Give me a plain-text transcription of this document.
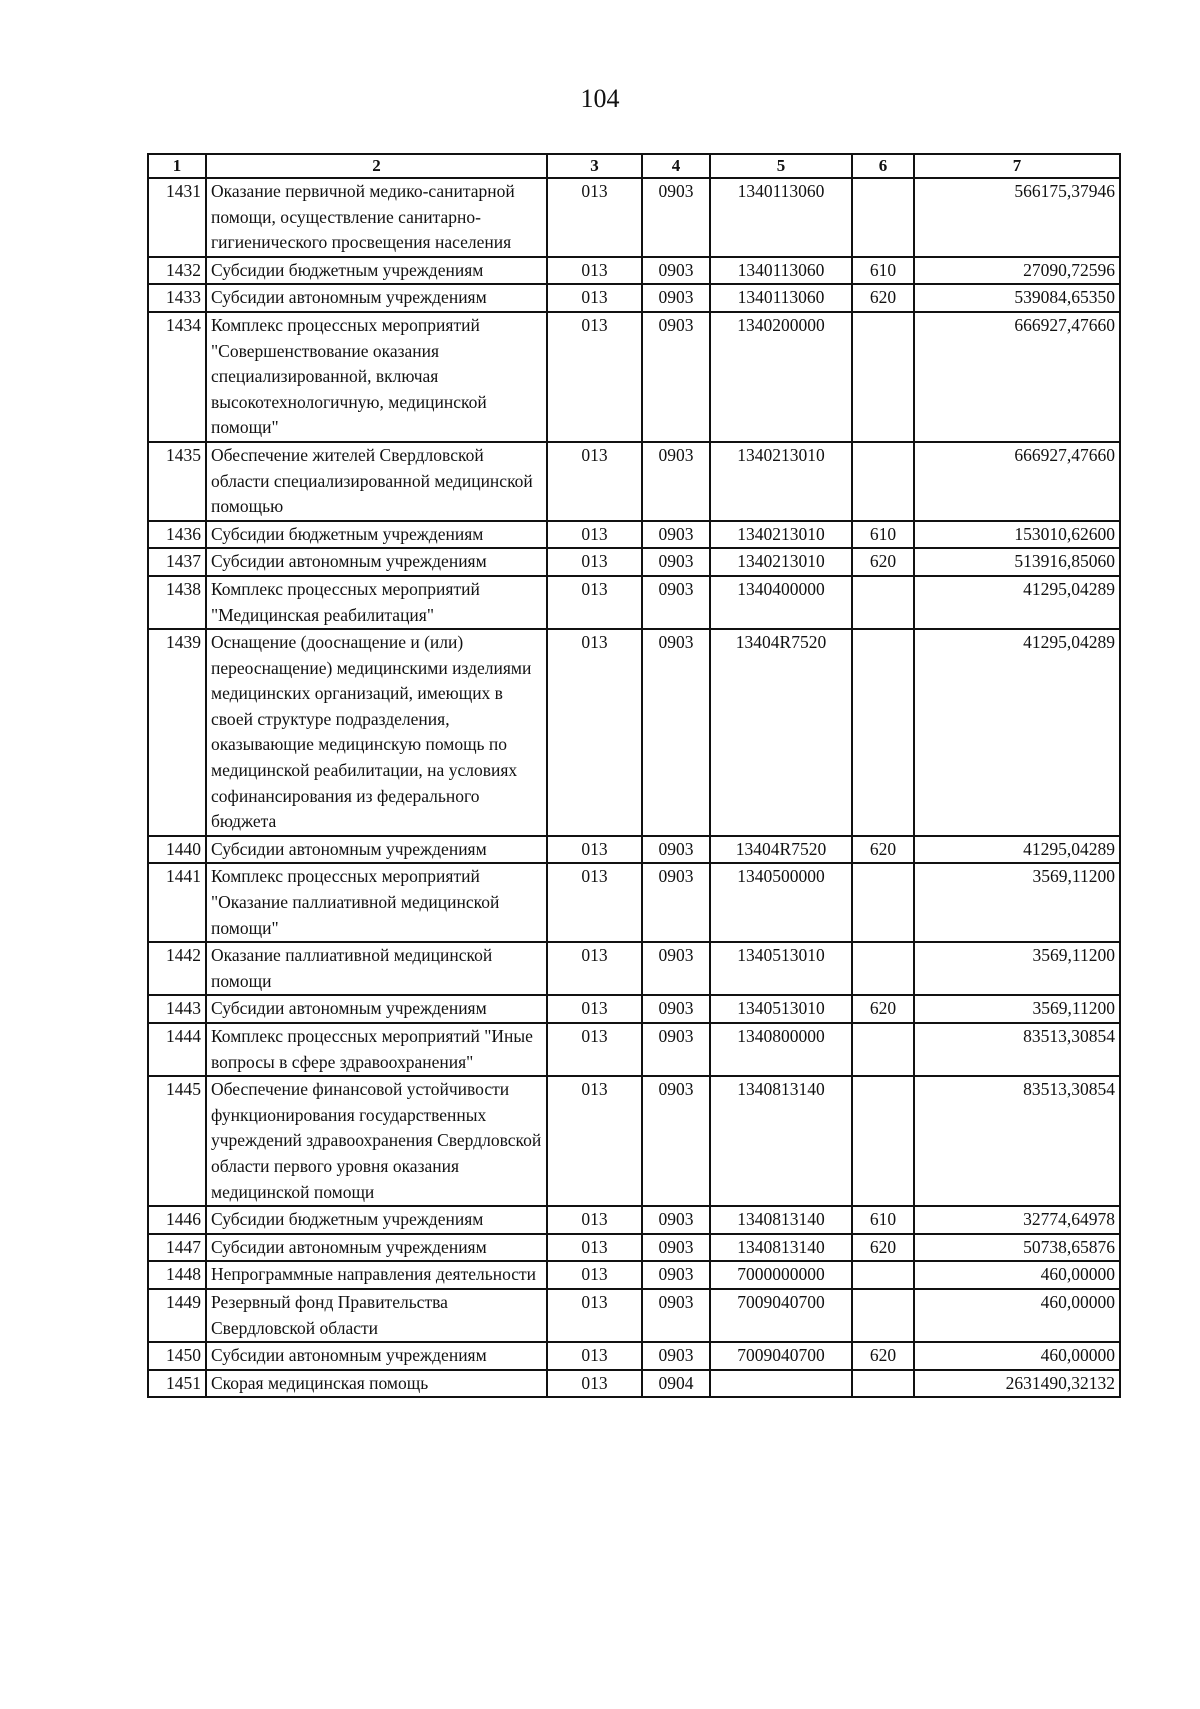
104
1	2	3	4	5	6	7
1431	Оказание первичной медико-санитарной помощи, осуществление санитарно-гигиенического просвещения населения	013	0903	1340113060		566175,37946
1432	Субсидии бюджетным учреждениям	013	0903	1340113060	610	27090,72596
1433	Субсидии автономным учреждениям	013	0903	1340113060	620	539084,65350
1434	Комплекс процессных мероприятий "Совершенствование оказания специализированной, включая высокотехнологичную, медицинской помощи"	013	0903	1340200000		666927,47660
1435	Обеспечение жителей Свердловской области специализированной медицинской помощью	013	0903	1340213010		666927,47660
1436	Субсидии бюджетным учреждениям	013	0903	1340213010	610	153010,62600
1437	Субсидии автономным учреждениям	013	0903	1340213010	620	513916,85060
1438	Комплекс процессных мероприятий "Медицинская реабилитация"	013	0903	1340400000		41295,04289
1439	Оснащение (дооснащение и (или) переоснащение) медицинскими изделиями медицинских организаций, имеющих в своей структуре подразделения, оказывающие медицинскую помощь по медицинской реабилитации, на условиях софинансирования из федерального бюджета	013	0903	13404R7520		41295,04289
1440	Субсидии автономным учреждениям	013	0903	13404R7520	620	41295,04289
1441	Комплекс процессных мероприятий "Оказание паллиативной медицинской помощи"	013	0903	1340500000		3569,11200
1442	Оказание паллиативной медицинской помощи	013	0903	1340513010		3569,11200
1443	Субсидии автономным учреждениям	013	0903	1340513010	620	3569,11200
1444	Комплекс процессных мероприятий "Иные вопросы в сфере здравоохранения"	013	0903	1340800000		83513,30854
1445	Обеспечение финансовой устойчивости функционирования государственных учреждений здравоохранения Свердловской области первого уровня оказания медицинской помощи	013	0903	1340813140		83513,30854
1446	Субсидии бюджетным учреждениям	013	0903	1340813140	610	32774,64978
1447	Субсидии автономным учреждениям	013	0903	1340813140	620	50738,65876
1448	Непрограммные направления деятельности	013	0903	7000000000		460,00000
1449	Резервный фонд Правительства Свердловской области	013	0903	7009040700		460,00000
1450	Субсидии автономным учреждениям	013	0903	7009040700	620	460,00000
1451	Скорая медицинская помощь	013	0904			2631490,32132
